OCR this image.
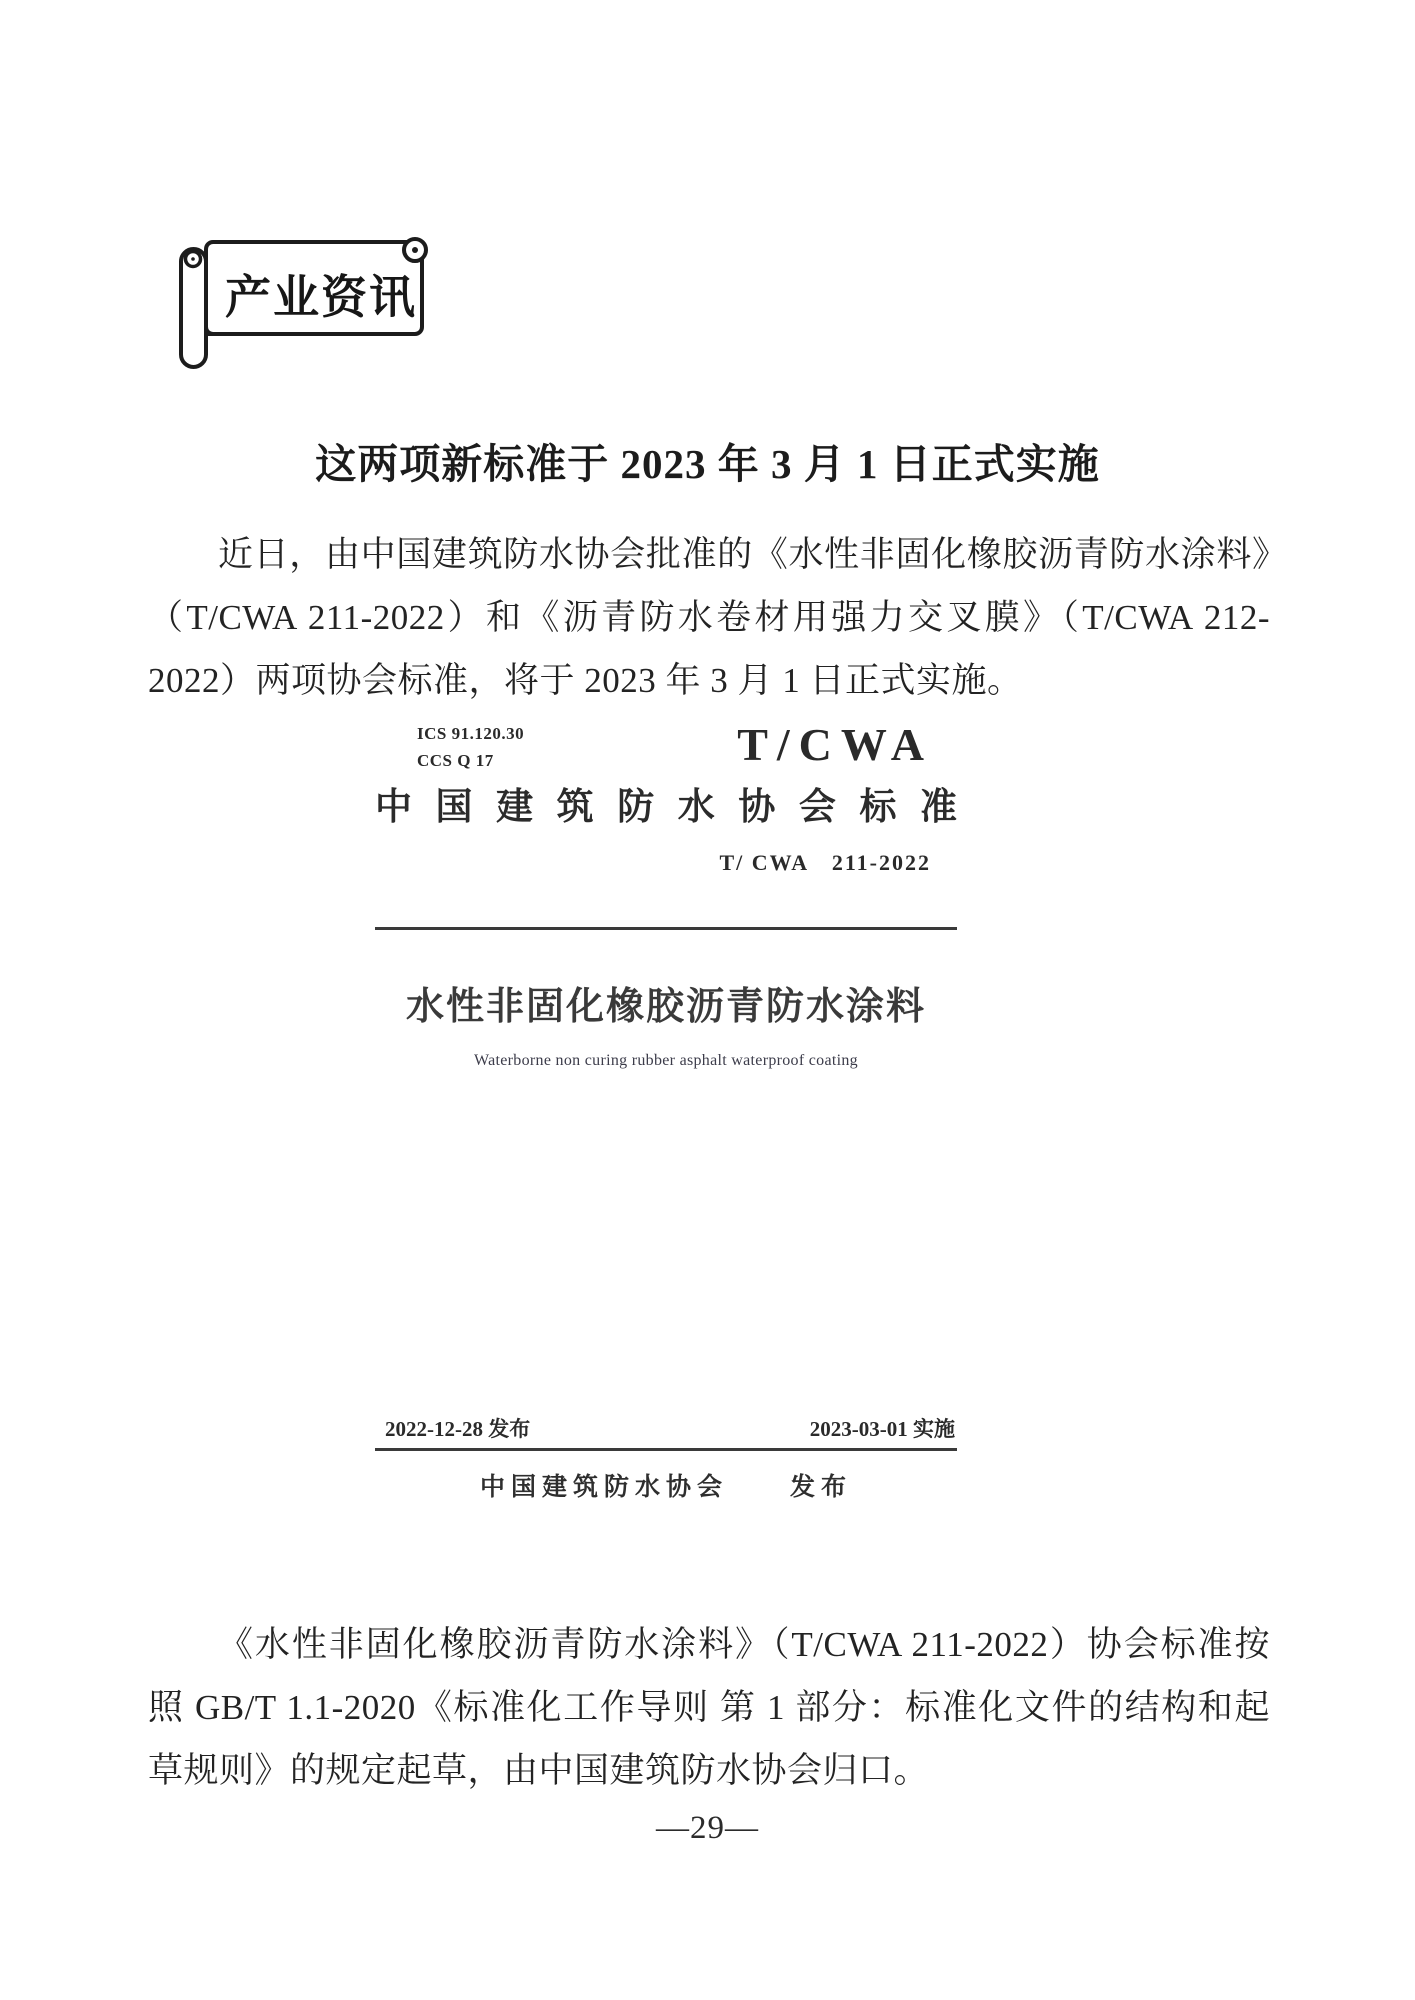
产业资讯
这两项新标准于 2023 年 3 月 1 日正式实施

近日，由中国建筑防水协会批准的《水性非固化橡胶沥青防水涂料》（T/CWA 211-2022）和《沥青防水卷材用强力交叉膜》（T/CWA 212-2022）两项协会标准，将于 2023 年 3 月 1 日正式实施。

ICS 91.120.30
CCS Q 17	T/CWA
中国建筑防水协会标准
T/ CWA　211-2022
水性非固化橡胶沥青防水涂料
Waterborne non curing rubber asphalt waterproof coating
2022-12-28 发布	2023-03-01 实施
中国建筑防水协会　　发布

《水性非固化橡胶沥青防水涂料》（T/CWA 211-2022）协会标准按照 GB/T 1.1-2020《标准化工作导则 第 1 部分：标准化文件的结构和起草规则》的规定起草，由中国建筑防水协会归口。

—29—
